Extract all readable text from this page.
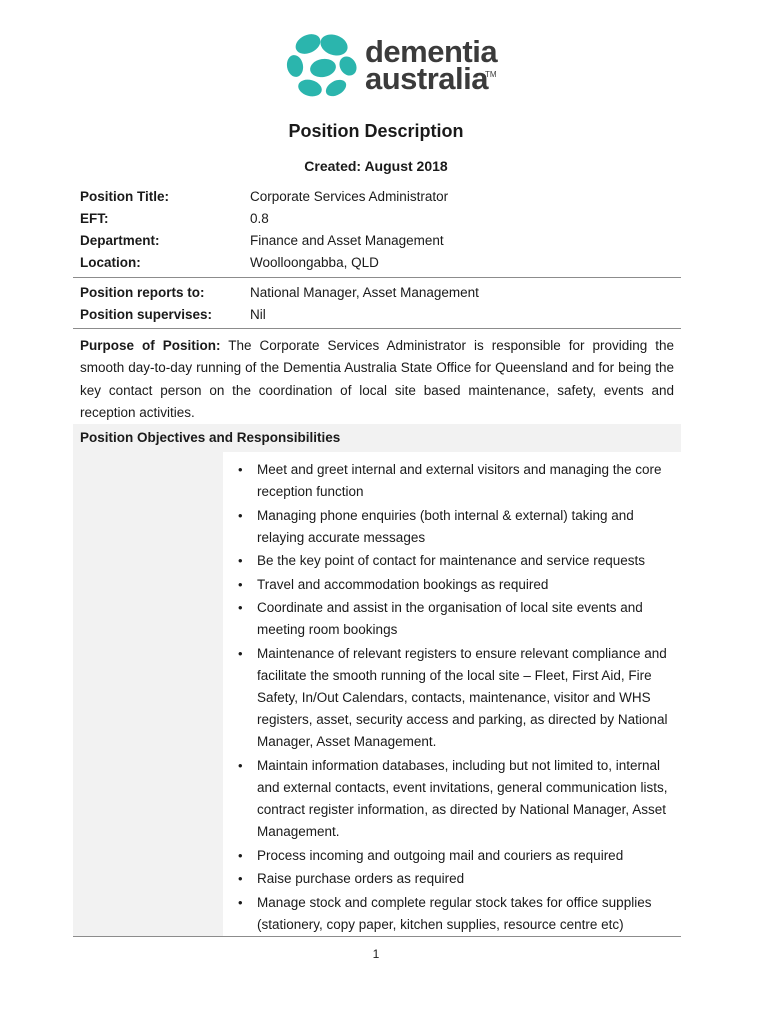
dementia
australia
TM
Position Description
Created: August 2018
Position Title:	Corporate Services Administrator
EFT:	0.8
Department:	Finance and Asset Management
Location:	Woolloongabba, QLD
Position reports to:	National Manager, Asset Management
Position supervises:	Nil
Purpose of Position: The Corporate Services Administrator is responsible for providing the smooth day-to-day running of the Dementia Australia State Office for Queensland and for being the key contact person on the coordination of local site based maintenance, safety, events and reception activities.
Position Objectives and Responsibilities
• Meet and greet internal and external visitors and managing the core reception function
• Managing phone enquiries (both internal & external) taking and relaying accurate messages
• Be the key point of contact for maintenance and service requests
• Travel and accommodation bookings as required
• Coordinate and assist in the organisation of local site events and meeting room bookings
• Maintenance of relevant registers to ensure relevant compliance and facilitate the smooth running of the local site – Fleet, First Aid, Fire Safety, In/Out Calendars, contacts, maintenance, visitor and WHS registers, asset, security access and parking, as directed by National Manager, Asset Management.
• Maintain information databases, including but not limited to, internal and external contacts, event invitations, general communication lists, contract register information, as directed by National Manager, Asset Management.
• Process incoming and outgoing mail and couriers as required
• Raise purchase orders as required
• Manage stock and complete regular stock takes for office supplies (stationery, copy paper, kitchen supplies, resource centre etc)
1
